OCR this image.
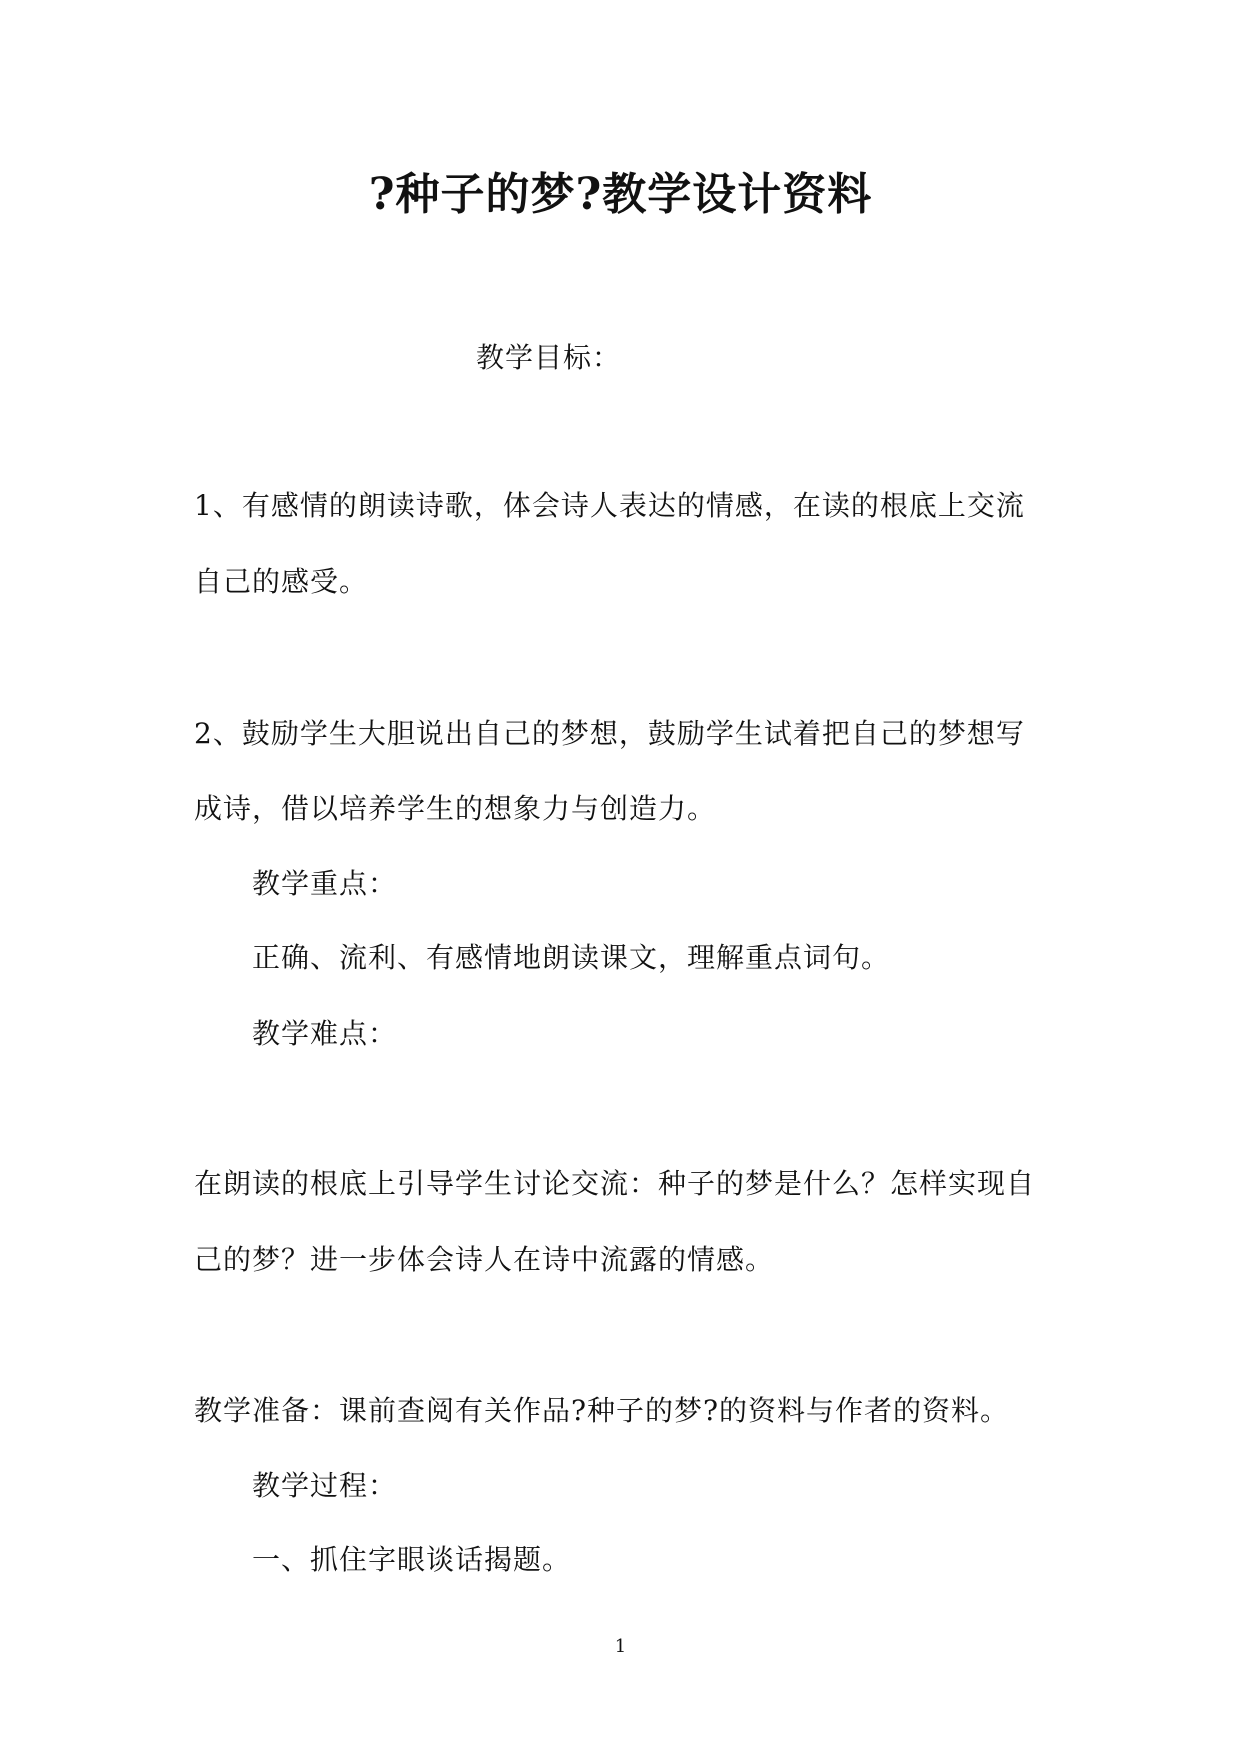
?种子的梦?教学设计资料
教学目标：
1、有感情的朗读诗歌，体会诗人表达的情感，在读的根底上交流
自己的感受。
2、鼓励学生大胆说出自己的梦想，鼓励学生试着把自己的梦想写
成诗，借以培养学生的想象力与创造力。
教学重点：
正确、流利、有感情地朗读课文，理解重点词句。
教学难点：
在朗读的根底上引导学生讨论交流：种子的梦是什么？怎样实现自
己的梦？进一步体会诗人在诗中流露的情感。
教学准备：课前查阅有关作品?种子的梦?的资料与作者的资料。
教学过程：
一、抓住字眼谈话揭题。
1
